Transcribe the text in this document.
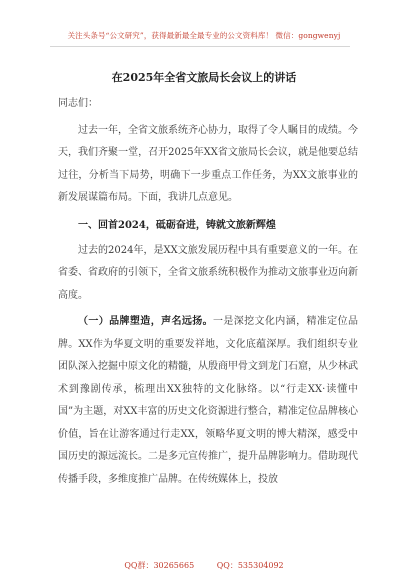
关注头条号“公文研究”，获得最新最全最专业的公文资料库！ 微信：gongwenyj
在2025年全省文旅局长会议上的讲话

同志们：

过去一年，全省文旅系统齐心协力，取得了令人瞩目的成绩。今天，我们齐聚一堂，召开2025年XX省文旅局长会议，就是他要总结过往，分析当下局势，明确下一步重点工作任务，为XX文旅事业的新发展谋篇布局。下面，我讲几点意见。

一、回首2024，砥砺奋进，铸就文旅新辉煌

过去的2024年，是XX文旅发展历程中具有重要意义的一年。在省委、省政府的引领下，全省文旅系统积极作为推动文旅事业迈向新高度。

（一）品牌塑造，声名远扬。一是深挖文化内涵，精准定位品牌。XX作为华夏文明的重要发祥地，文化底蕴深厚。我们组织专业团队深入挖掘中原文化的精髓，从殷商甲骨文到龙门石窟，从少林武术到豫剧传承，梳理出XX独特的文化脉络。以“行走XX·读懂中国”为主题，对XX丰富的历史文化资源进行整合，精准定位品牌核心价值，旨在让游客通过行走XX，领略华夏文明的博大精深，感受中国历史的源远流长。二是多元宣传推广，提升品牌影响力。借助现代传播手段，多维度推广品牌。在传统媒体上，投放

QQ群：30265665	QQ：535304092
